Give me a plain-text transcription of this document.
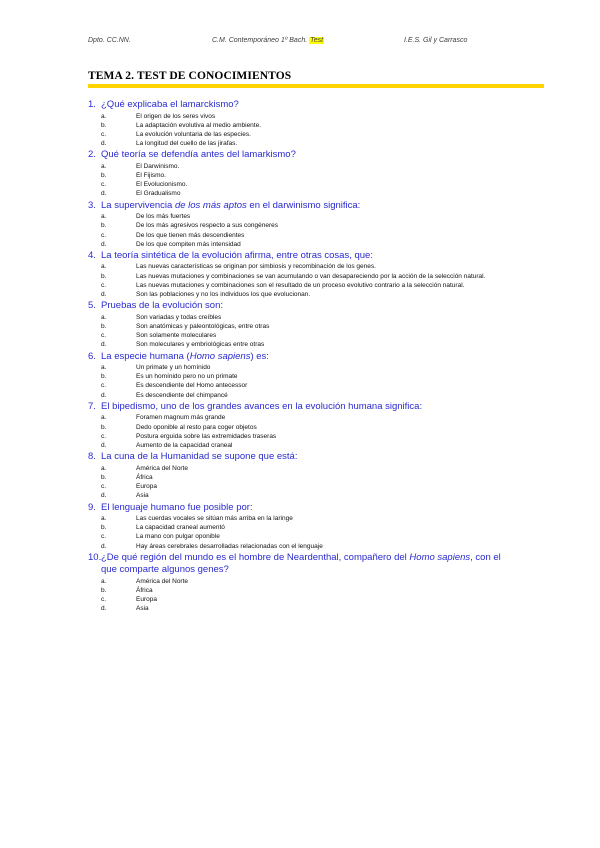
Dpto. CC.NN.	C.M. Contemporáneo 1º Bach. Test	I.E.S. Gil y Carrasco
TEMA 2. TEST DE CONOCIMIENTOS
1. ¿Qué explicaba el lamarckismo?
a.	El origen de los seres vivos
b.	La adaptación evolutiva al medio ambiente.
c.	La evolución voluntaria de las especies.
d.	La longitud del cuello de las jirafas.
2. Qué teoría se defendía antes del lamarkismo?
a.	El Darwinismo.
b.	El Fijismo.
c.	El Evolucionismo.
d.	El Gradualismo
3. La supervivencia de los más aptos en el darwinismo significa:
a.	De los más fuertes
b.	De los más agresivos respecto a sus congéneres
c.	De los que tienen más descendientes
d.	De los que compiten más intensidad
4. La teoría sintética de la evolución afirma, entre otras cosas, que:
a.	Las nuevas características se originan por simbiosis y recombinación de los genes.
b.	Las nuevas mutaciones y combinaciones se van acumulando o van desapareciendo por la acción de la selección natural.
c.	Las nuevas mutaciones y combinaciones son el resultado de un proceso evolutivo contrario a la selección natural.
d.	Son las poblaciones y no los individuos los que evolucionan.
5. Pruebas de la evolución son:
a.	Son variadas y todas creíbles
b.	Son anatómicas y paleontológicas, entre otras
c.	Son solamente moleculares
d.	Son moleculares y embriológicas entre otras
6. La especie humana (Homo sapiens) es:
a.	Un primate y un homínido
b.	Es un homínido pero no un primate
c.	Es descendiente del Homo antecessor
d.	Es descendiente del chimpancé
7. El bipedismo, uno de los grandes avances en la evolución humana significa:
a.	Foramen magnum más grande
b.	Dedo oponible al resto para coger objetos
c.	Postura erguida sobre las extremidades traseras
d.	Aumento de la capacidad craneal
8. La cuna de la Humanidad se supone que está:
a.	América del Norte
b.	África
c.	Europa
d.	Asia
9. El lenguaje humano fue posible por:
a.	Las cuerdas vocales se sitúan más arriba en la laringe
b.	La capacidad craneal aumentó
c.	La mano con pulgar oponible
d.	Hay áreas cerebrales desarrolladas relacionadas con el lenguaje
10. ¿De qué región del mundo es el hombre de Neardenthal, compañero del Homo sapiens, con el que comparte algunos genes?
a.	América del Norte
b.	África
c.	Europa
d.	Asia
